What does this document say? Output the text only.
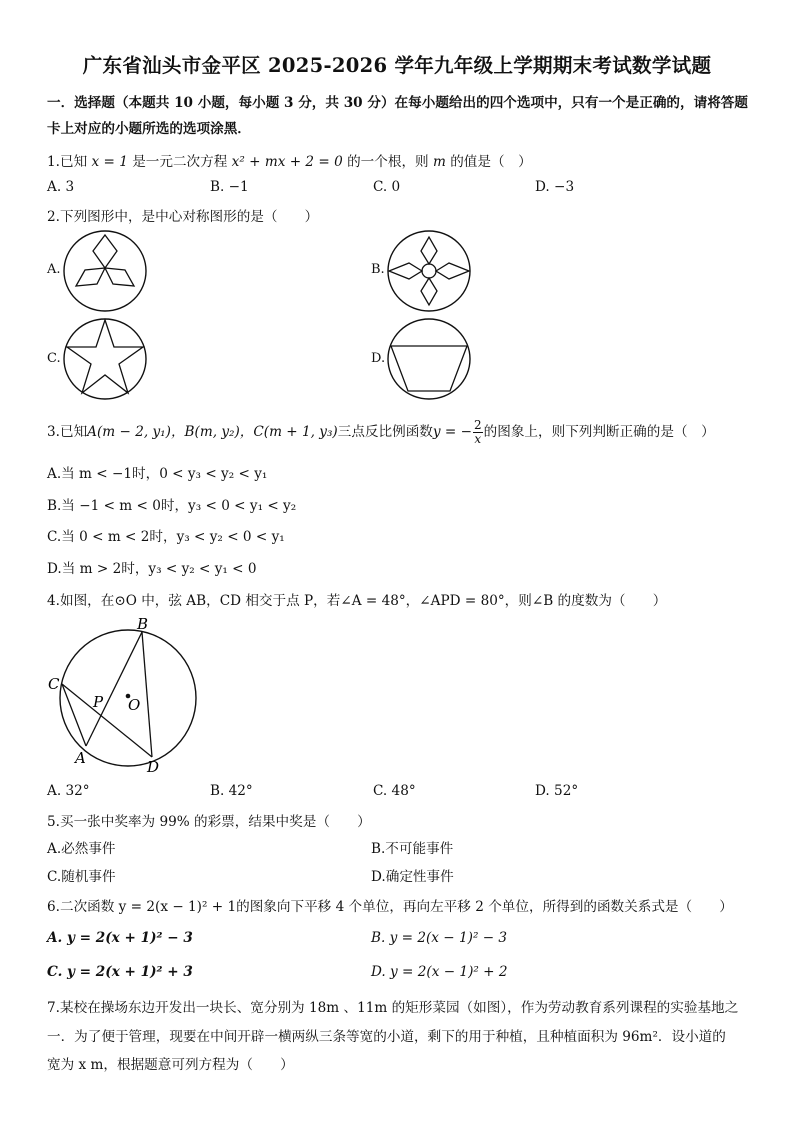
广东省汕头市金平区 2025-2026 学年九年级上学期期末考试数学试题
一．选择题（本题共 10 小题，每小题 3 分，共 30 分）在每小题给出的四个选项中，只有一个是正确的，请将答题卡上对应的小题所选的选项涂黑．
1.已知 x = 1 是一元二次方程 x² + mx + 2 = 0 的一个根，则 m 的值是（　）
A. 3	B. −1	C. 0	D. −3
2.下列图形中，是中心对称图形的是（　　）
A.	B.
C.	D.
3.已知A(m − 2, y₁)，B(m, y₂)，C(m + 1, y₃)三点反比例函数y = − $\frac{2}{x}$ 的图象上，则下列判断正确的是（　）
A.当 m < −1时，0 < y₃ < y₂ < y₁
B.当 −1 < m < 0时，y₃ < 0 < y₁ < y₂
C.当 0 < m < 2时，y₃ < y₂ < 0 < y₁
D.当 m > 2时，y₃ < y₂ < y₁ < 0
4.如图，在⊙O 中，弦 AB，CD 相交于点 P，若∠A = 48°，∠APD = 80°，则∠B 的度数为（　　）
B
C
P O
A	D
A. 32°	B. 42°	C. 48°	D. 52°
5.买一张中奖率为 99% 的彩票，结果中奖是（　　）
A.必然事件	B.不可能事件
C.随机事件	D.确定性事件
6.二次函数 y = 2(x − 1)² + 1的图象向下平移 4 个单位，再向左平移 2 个单位，所得到的函数关系式是（　　）
A. y = 2(x + 1)² − 3	B. y = 2(x − 1)² − 3
C. y = 2(x + 1)² + 3	D. y = 2(x − 1)² + 2
7.某校在操场东边开发出一块长、宽分别为 18m 、11m 的矩形菜园（如图），作为劳动教育系列课程的实验基地之
一．为了便于管理，现要在中间开辟一横两纵三条等宽的小道，剩下的用于种植，且种植面积为 96m²．设小道的
宽为 x m，根据题意可列方程为（　　）
